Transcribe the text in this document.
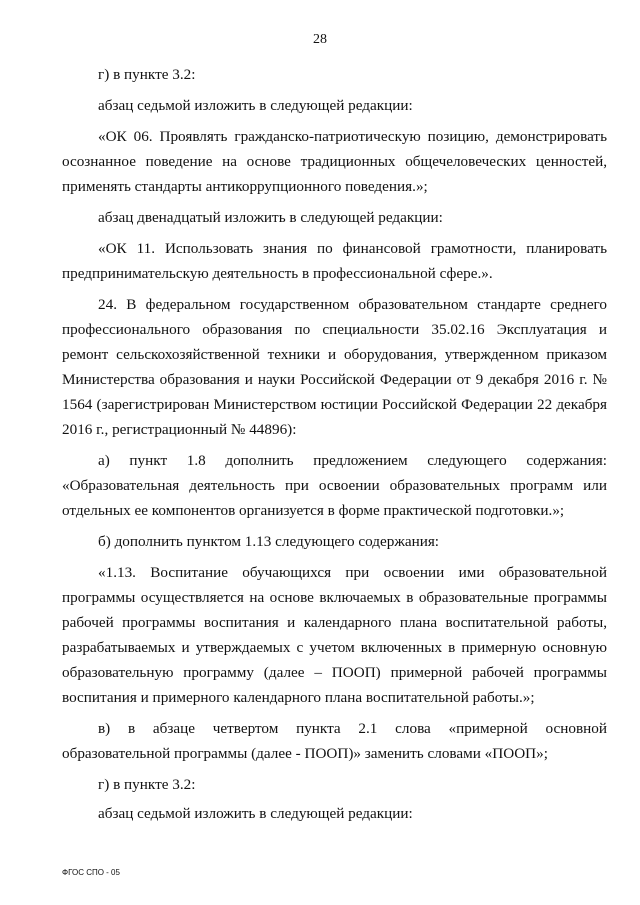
28

г) в пункте 3.2:

абзац седьмой изложить в следующей редакции:

«ОК 06. Проявлять гражданско-патриотическую позицию, демонстрировать осознанное поведение на основе традиционных общечеловеческих ценностей, применять стандарты антикоррупционного поведения.»;

абзац двенадцатый изложить в следующей редакции:

«ОК 11. Использовать знания по финансовой грамотности, планировать предпринимательскую деятельность в профессиональной сфере.».

24. В федеральном государственном образовательном стандарте среднего профессионального образования по специальности 35.02.16 Эксплуатация и ремонт сельскохозяйственной техники и оборудования, утвержденном приказом Министерства образования и науки Российской Федерации от 9 декабря 2016 г. № 1564 (зарегистрирован Министерством юстиции Российской Федерации 22 декабря 2016 г., регистрационный № 44896):

а) пункт 1.8 дополнить предложением следующего содержания: «Образовательная деятельность при освоении образовательных программ или отдельных ее компонентов организуется в форме практической подготовки.»;

б) дополнить пунктом 1.13 следующего содержания:

«1.13. Воспитание обучающихся при освоении ими образовательной программы осуществляется на основе включаемых в образовательные программы рабочей программы воспитания и календарного плана воспитательной работы, разрабатываемых и утверждаемых с учетом включенных в примерную основную образовательную программу (далее – ПООП) примерной рабочей программы воспитания и примерного календарного плана воспитательной работы.»;

в) в абзаце четвертом пункта 2.1 слова «примерной основной образовательной программы (далее - ПООП)» заменить словами «ПООП»;

г) в пункте 3.2:

абзац седьмой изложить в следующей редакции:

ФГОС СПО - 05
